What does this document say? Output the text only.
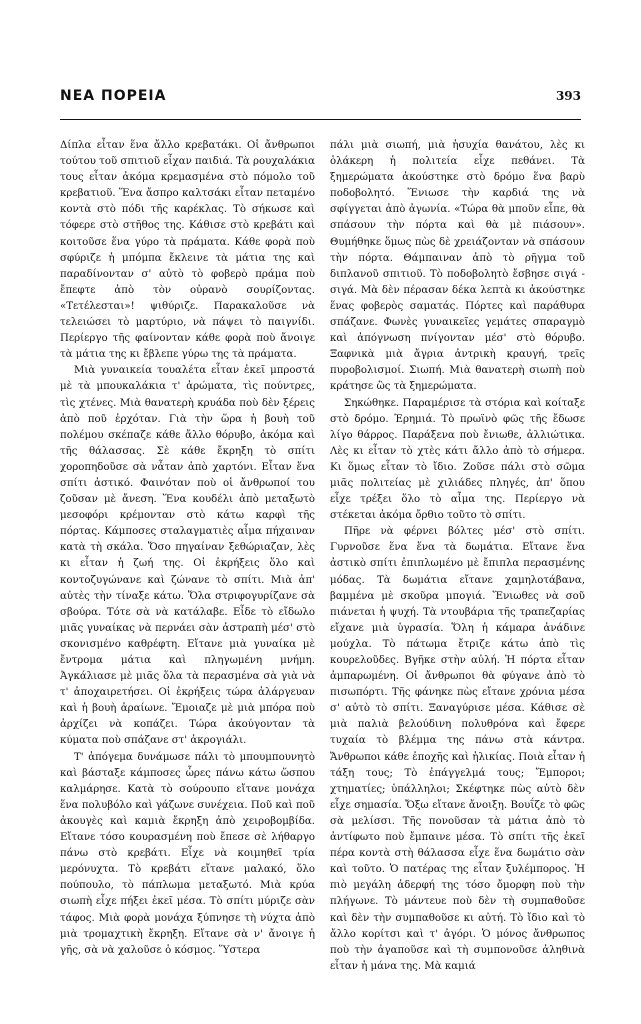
ΝΕΑ ΠΟΡΕΙΑ	393

Δίπλα εἶταν ἕνα ἄλλο κρεβατάκι. Οἱ ἄνθρωποι τούτου τοῦ σπιτιοῦ εἶχαν παιδιά. Τὰ ρουχαλάκια τους εἶταν ἀκόμα κρεμασμένα στὸ πόμολο τοῦ κρεβατιοῦ. Ἕνα ἄσπρο καλτσάκι εἶταν πεταμένο κοντὰ στὸ πόδι τῆς καρέκλας. Τὸ σήκωσε καὶ τόφερε στὸ στῆθος της. Κάθισε στὸ κρεβάτι καὶ κοιτοῦσε ἕνα γύρο τὰ πράματα. Κάθε φορὰ ποὺ σφύριζε ἡ μπόμπα ἔκλεινε τὰ μάτια της καὶ παραδίνονταν σ' αὐτὸ τὸ φοβερὸ πράμα ποὺ ἔπεφτε ἀπὸ τὸν οὐρανὸ σουρίζοντας. «Τετέλεσται»! ψιθύριζε. Παρακαλοῦσε νὰ τελειώσει τὸ μαρτύριο, νὰ πάψει τὸ παιγνίδι. Περίεργο τῆς φαίνονταν κάθε φορὰ ποὺ ἄνοιγε τὰ μάτια της κι ἔβλεπε γύρω της τὰ πράματα.

Μιὰ γυναικεία τουαλέτα εἶταν ἐκεῖ μπροστά μὲ τὰ μπουκαλάκια τ' ἀρώματα, τὶς πούντρες, τὶς χτένες. Μιὰ θανατερὴ κρυάδα ποὺ δὲν ξέρεις ἀπὸ ποῦ ἐρχόταν. Γιὰ τὴν ὥρα ἡ βουὴ τοῦ πολέμου σκέπαζε κάθε ἄλλο θόρυβο, ἀκόμα καὶ τῆς θάλασσας. Σὲ κάθε ἔκρηξη τὸ σπίτι χοροπηδοῦσε σὰ νἆταν ἀπὸ χαρτόνι. Εἶταν ἕνα σπίτι ἀστικό. Φαινόταν ποὺ οἱ ἄνθρωποί του ζοῦσαν μὲ ἄνεση. Ἕνα κουδέλι ἀπὸ μεταξωτὸ μεσοφόρι κρέμονταν στὸ κάτω καρφὶ τῆς πόρτας. Κάμποσες σταλαγματιὲς αἷμα πήχαιναν κατὰ τὴ σκάλα. Ὅσο πηγαίναν ξεθώριαζαν, λὲς κι εἶταν ἡ ζωή της. Οἱ ἐκρήξεις ὅλο καὶ κοντοζυγώνανε καὶ ζώνανε τὸ σπίτι. Μιὰ ἀπ' αὐτὲς τὴν τίναξε κάτω. Ὅλα στριφογυρίζανε σὰ σβούρα. Τότε σὰ νὰ κατάλαβε. Εἶδε τὸ εἴδωλο μιᾶς γυναίκας νὰ περνάει σὰν ἀστραπὴ μέσ' στὸ σκονισμένο καθρέφτη. Εἴτανε μιὰ γυναίκα μὲ ἔντρομα μάτια καὶ πληγωμένη μνήμη. Ἀγκάλιασε μὲ μιᾶς ὅλα τὰ περασμένα σὰ γιὰ νὰ τ' ἀποχαιρετήσει. Οἱ ἐκρήξεις τώρα ἀλάργευαν καὶ ἡ βουὴ ἀραίωνε. Ἔμοιαζε μὲ μιὰ μπόρα ποὺ ἀρχίζει νὰ κοπάζει. Τώρα ἀκούγονταν τὰ κύματα ποὺ σπάζανε στ' ἀκρογιάλι.

Τ' ἀπόγεμα δυνάμωσε πάλι τὸ μπουμπουνητὸ καὶ βάσταξε κάμποσες ὧρες πάνω κάτω ὥσπου καλμάρησε. Κατὰ τὸ σούρουπο εἴτανε μονάχα ἕνα πολυβόλο καὶ γάζωνε συνέχεια. Ποῦ καὶ ποῦ ἀκουγὲς καὶ καμιὰ ἔκρηξη ἀπὸ χειροβομβίδα. Εἴτανε τόσο κουρασμένη ποὺ ἔπεσε σὲ λήθαργο πάνω στὸ κρεβάτι. Εἶχε νὰ κοιμηθεῖ τρία μερόνυχτα. Τὸ κρεβάτι εἴτανε μαλακό, ὅλο πούπουλο, τὸ πάπλωμα μεταξωτό. Μιὰ κρύα σιωπὴ εἶχε πήξει ἐκεῖ μέσα. Τὸ σπίτι μύριζε σὰν τάφος. Μιὰ φορὰ μονάχα ξύπνησε τὴ νύχτα ἀπὸ μιὰ τρομαχτικὴ ἔκρηξη. Εἴτανε σὰ ν' ἄνοιγε ἡ γῆς, σὰ νὰ χαλοῦσε ὁ κόσμος. Ὕστερα

πάλι μιὰ σιωπή, μιὰ ἡσυχία θανάτου, λὲς κι ὁλάκερη ἡ πολιτεία εἶχε πεθάνει. Τὰ ξημερώματα ἀκούστηκε στὸ δρόμο ἕνα βαρὺ ποδοβολητό. Ἕνιωσε τὴν καρδιά της νὰ σφίγγεται ἀπὸ ἀγωνία. «Τώρα θὰ μποῦν εἶπε, θὰ σπάσουν τὴν πόρτα καὶ θὰ μὲ πιάσουν». Θυμήθηκε ὅμως πὼς δὲ χρειάζονταν νὰ σπάσουν τὴν πόρτα. Θάμπαιναν ἀπὸ τὸ ρῆγμα τοῦ διπλανοῦ σπιτιοῦ. Τὸ ποδοβολητὸ ἔσβησε σιγά - σιγά. Μὰ δὲν πέρασαν δέκα λεπτὰ κι ἀκούστηκε ἕνας φοβερὸς σαματάς. Πόρτες καὶ παράθυρα σπάζανε. Φωνὲς γυναικεῖες γεμάτες σπαραγμὸ καὶ ἀπόγνωση πνίγονταν μέσ' στὸ θόρυβο. Ξαφνικὰ μιὰ ἄγρια ἀντρικὴ κραυγή, τρεῖς πυροβολισμοί. Σιωπή. Μιὰ θανατερὴ σιωπὴ ποὺ κράτησε ὣς τὰ ξημερώματα.

Σηκώθηκε. Παραμέρισε τὰ στόρια καὶ κοίταξε στὸ δρόμο. Ἐρημιά. Τὸ πρωϊνὸ φῶς τῆς ἔδωσε λίγο θάρρος. Παράξενα ποὺ ἔνιωθε, ἀλλιώτικα. Λὲς κι εἶταν τὸ χτὲς κάτι ἄλλο ἀπὸ τὸ σήμερα. Κι ὅμως εἶταν τὸ ἴδιο. Ζοῦσε πάλι στὸ σῶμα μιᾶς πολιτείας μὲ χιλιάδες πληγές, ἀπ' ὅπου εἶχε τρέξει ὅλο τὸ αἷμα της. Περίεργο νὰ στέκεται ἀκόμα ὄρθιο τοῦτο τὸ σπίτι.

Πῆρε νὰ φέρνει βόλτες μέσ' στὸ σπίτι. Γυρνοῦσε ἕνα ἕνα τὰ δωμάτια. Εἴτανε ἕνα ἀστικὸ σπίτι ἐπιπλωμένο μὲ ἔπιπλα περασμένης μόδας. Τὰ δωμάτια εἴτανε χαμηλοτάβανα, βαμμένα μὲ σκοῦρα μπογιά. Ἕνιωθες νὰ σοῦ πιάνεται ἡ ψυχή. Τὰ ντουβάρια τῆς τραπεζαρίας εἴχανε μιὰ ὑγρασία. Ὅλη ἡ κάμαρα ἀνάδινε μούχλα. Τὸ πάτωμα ἔτριζε κάτω ἀπὸ τὶς κουρελοῦδες. Βγῆκε στὴν αὐλή. Ἡ πόρτα εἶταν ἀμπαρωμένη. Οἱ ἄνθρωποι θὰ φύγανε ἀπὸ τὸ πισωπόρτι. Τῆς φάνηκε πὼς εἴτανε χρόνια μέσα σ' αὐτὸ τὸ σπίτι. Ξαναγύρισε μέσα. Κάθισε σὲ μιὰ παλιὰ βελούδινη πολυθρόνα καὶ ἔφερε τυχαία τὸ βλέμμα της πάνω στὰ κάντρα. Ἄνθρωποι κάθε ἐποχῆς καὶ ἡλικίας. Ποιὰ εἶταν ἡ τάξη τους; Τὸ ἐπάγγελμά τους; Ἔμποροι; χτηματίες; ὑπάλληλοι; Σκέφτηκε πὼς αὐτὸ δὲν εἶχε σημασία. Ὄξω εἴτανε ἄνοιξη. Βουΐζε τὸ φῶς σὰ μελίσσι. Τῆς πονοῦσαν τὰ μάτια ἀπὸ τὸ ἀντίφωτο ποὺ ἔμπαινε μέσα. Τὸ σπίτι τῆς ἐκεῖ πέρα κοντὰ στὴ θάλασσα εἶχε ἕνα δωμάτιο σὰν καὶ τοῦτο. Ὁ πατέρας της εἶταν ξυλέμπορος. Ἡ πιὸ μεγάλη ἀδερφή της τόσο ὄμορφη ποὺ τὴν πλήγωνε. Τὸ μάντευε ποὺ δὲν τὴ συμπαθοῦσε καὶ δὲν τὴν συμπαθοῦσε κι αὐτή. Τὸ ἴδιο καὶ τὸ ἄλλο κορίτσι καὶ τ' ἀγόρι. Ὁ μόνος ἄνθρωπος ποὺ τὴν ἀγαποῦσε καὶ τὴ συμπονοῦσε ἀληθινὰ εἶταν ἡ μάνα της. Μὰ καμιά
